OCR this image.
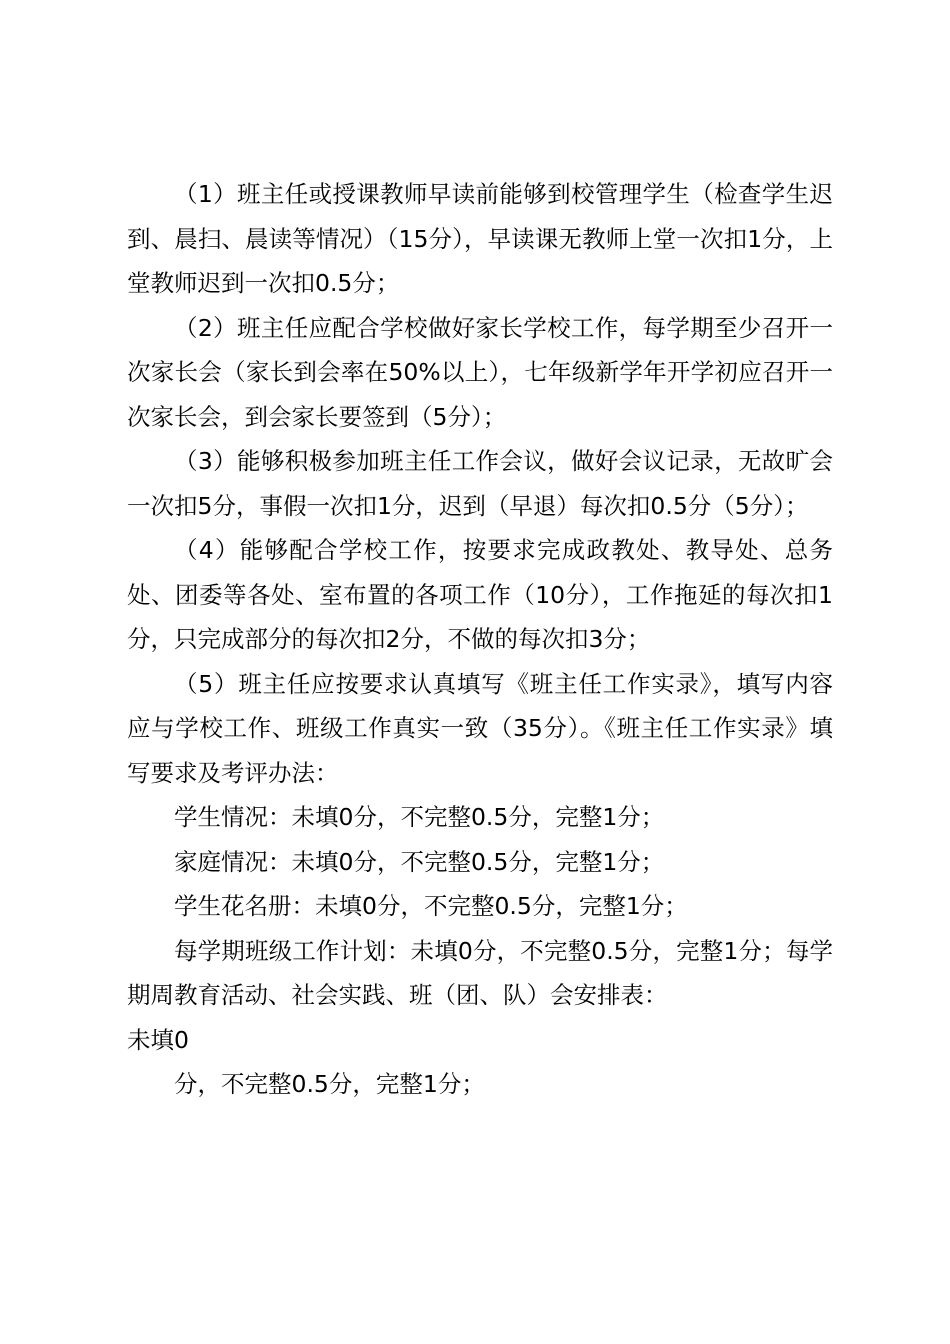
（1）班主任或授课教师早读前能够到校管理学生（检查学生迟到、晨扫、晨读等情况）（15分），早读课无教师上堂一次扣1分，上堂教师迟到一次扣0.5分；

（2）班主任应配合学校做好家长学校工作，每学期至少召开一次家长会（家长到会率在50%以上），七年级新学年开学初应召开一次家长会，到会家长要签到（5分）；

（3）能够积极参加班主任工作会议，做好会议记录，无故旷会一次扣5分，事假一次扣1分，迟到（早退）每次扣0.5分（5分）；

（4）能够配合学校工作，按要求完成政教处、教导处、总务处、团委等各处、室布置的各项工作（10分），工作拖延的每次扣1分，只完成部分的每次扣2分，不做的每次扣3分；

（5）班主任应按要求认真填写《班主任工作实录》，填写内容应与学校工作、班级工作真实一致（35分）。《班主任工作实录》填写要求及考评办法：

学生情况：未填0分，不完整0.5分，完整1分；

家庭情况：未填0分，不完整0.5分，完整1分；

学生花名册：未填0分，不完整0.5分，完整1分；

每学期班级工作计划：未填0分，不完整0.5分，完整1分；每学期周教育活动、社会实践、班（团、队）会安排表：

未填0
分，不完整0.5分，完整1分；
